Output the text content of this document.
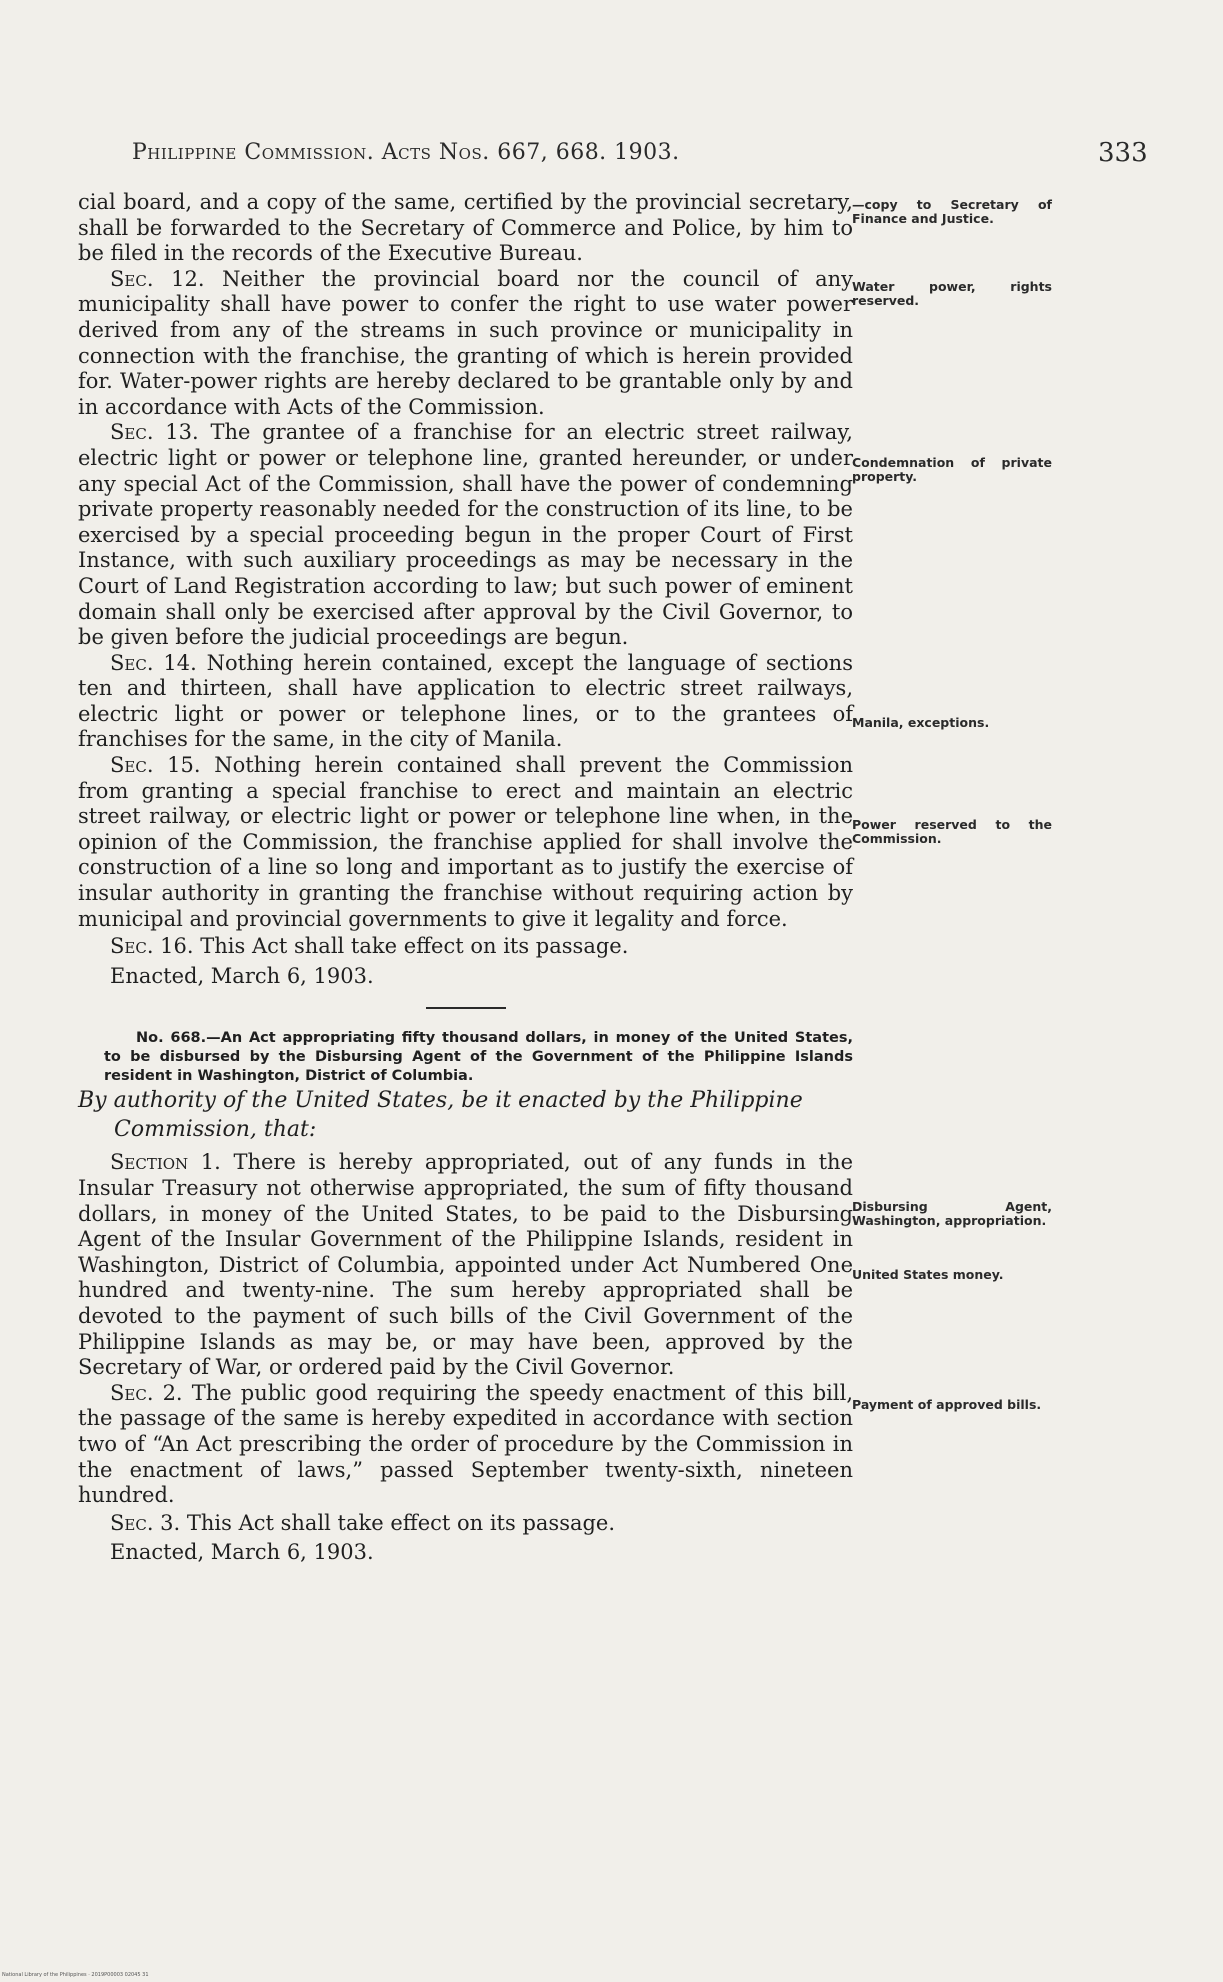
Philippine Commission. Acts Nos. 667, 668. 1903.	333

cial board, and a copy of the same, certified by the provincial secretary, shall be forwarded to the Secretary of Commerce and Police, by him to be filed in the records of the Executive Bureau.

Sec. 12. Neither the provincial board nor the council of any municipality shall have power to confer the right to use water power derived from any of the streams in such province or municipality in connection with the franchise, the granting of which is herein provided for. Water-power rights are hereby declared to be grantable only by and in accordance with Acts of the Commission.

Sec. 13. The grantee of a franchise for an electric street railway, electric light or power or telephone line, granted hereunder, or under any special Act of the Commission, shall have the power of condemning private property reasonably needed for the construction of its line, to be exercised by a special proceeding begun in the proper Court of First Instance, with such auxiliary proceedings as may be necessary in the Court of Land Registration according to law; but such power of eminent domain shall only be exercised after approval by the Civil Governor, to be given before the judicial proceedings are begun.

Sec. 14. Nothing herein contained, except the language of sections ten and thirteen, shall have application to electric street railways, electric light or power or telephone lines, or to the grantees of franchises for the same, in the city of Manila.

Sec. 15. Nothing herein contained shall prevent the Commission from granting a special franchise to erect and maintain an electric street railway, or electric light or power or telephone line when, in the opinion of the Commission, the franchise applied for shall involve the construction of a line so long and important as to justify the exercise of insular authority in granting the franchise without requiring action by municipal and provincial governments to give it legality and force.

Sec. 16. This Act shall take effect on its passage.

Enacted, March 6, 1903.

No. 668.—An Act appropriating fifty thousand dollars, in money of the United States, to be disbursed by the Disbursing Agent of the Government of the Philippine Islands resident in Washington, District of Columbia.

By authority of the United States, be it enacted by the Philippine
Commission, that:

Section 1. There is hereby appropriated, out of any funds in the Insular Treasury not otherwise appropriated, the sum of fifty thousand dollars, in money of the United States, to be paid to the Disbursing Agent of the Insular Government of the Philippine Islands, resident in Washington, District of Columbia, appointed under Act Numbered One hundred and twenty-nine. The sum hereby appropriated shall be devoted to the payment of such bills of the Civil Government of the Philippine Islands as may be, or may have been, approved by the Secretary of War, or ordered paid by the Civil Governor.

Sec. 2. The public good requiring the speedy enactment of this bill, the passage of the same is hereby expedited in accordance with section two of “An Act prescribing the order of procedure by the Commission in the enactment of laws,” passed September twenty-sixth, nineteen hundred.

Sec. 3. This Act shall take effect on its passage.

Enacted, March 6, 1903.

—copy to Secretary of Finance and Justice.
Water power, rights reserved.
Condemnation of private property.
Manila, exceptions.
Power reserved to the Commission.
Disbursing Agent, Washington, appropriation.
United States money.
Payment of approved bills.
National Library of the Philippines · 2019P00003 02045 31
